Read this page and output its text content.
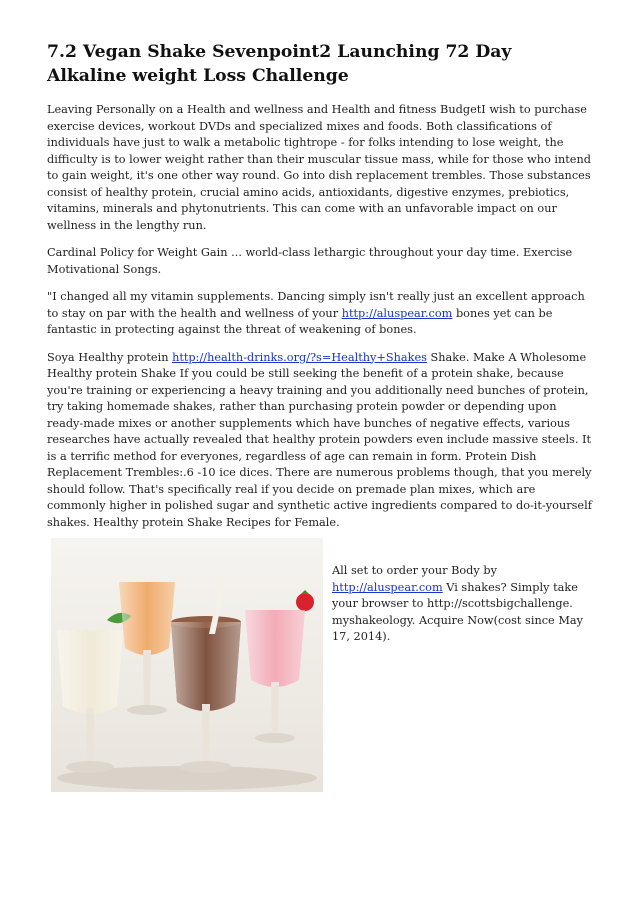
7.2 Vegan Shake Sevenpoint2 Launching 72 Day Alkaline weight Loss Challenge

Leaving Personally on a Health and wellness and Health and fitness BudgetI wish to purchase exercise devices, workout DVDs and specialized mixes and foods. Both classifications of individuals have just to walk a metabolic tightrope - for folks intending to lose weight, the difficulty is to lower weight rather than their muscular tissue mass, while for those who intend to gain weight, it's one other way round. Go into dish replacement trembles. Those substances consist of healthy protein, crucial amino acids, antioxidants, digestive enzymes, prebiotics, vitamins, minerals and phytonutrients. This can come with an unfavorable impact on our wellness in the lengthy run.

Cardinal Policy for Weight Gain ... world-class lethargic throughout your day time. Exercise Motivational Songs.

"I changed all my vitamin supplements. Dancing simply isn't really just an excellent approach to stay on par with the health and wellness of your http://aluspear.com bones yet can be fantastic in protecting against the threat of weakening of bones.

Soya Healthy protein http://health-drinks.org/?s=Healthy+Shakes Shake. Make A Wholesome Healthy protein Shake If you could be still seeking the benefit of a protein shake, because you're training or experiencing a heavy training and you additionally need bunches of protein, try taking homemade shakes, rather than purchasing protein powder or depending upon ready-made mixes or another supplements which have bunches of negative effects, various researches have actually revealed that healthy protein powders even include massive steels. It is a terrific method for everyones, regardless of age can remain in form. Protein Dish Replacement Trembles:.6 -10 ice dices. There are numerous problems though, that you merely should follow. That's specifically real if you decide on premade plan mixes, which are commonly higher in polished sugar and synthetic active ingredients compared to do-it-yourself shakes. Healthy protein Shake Recipes for Female.

All set to order your Body by http://aluspear.com Vi shakes? Simply take your browser to http://scottsbigchallenge. myshakeology. Acquire Now(cost since May 17, 2014).
